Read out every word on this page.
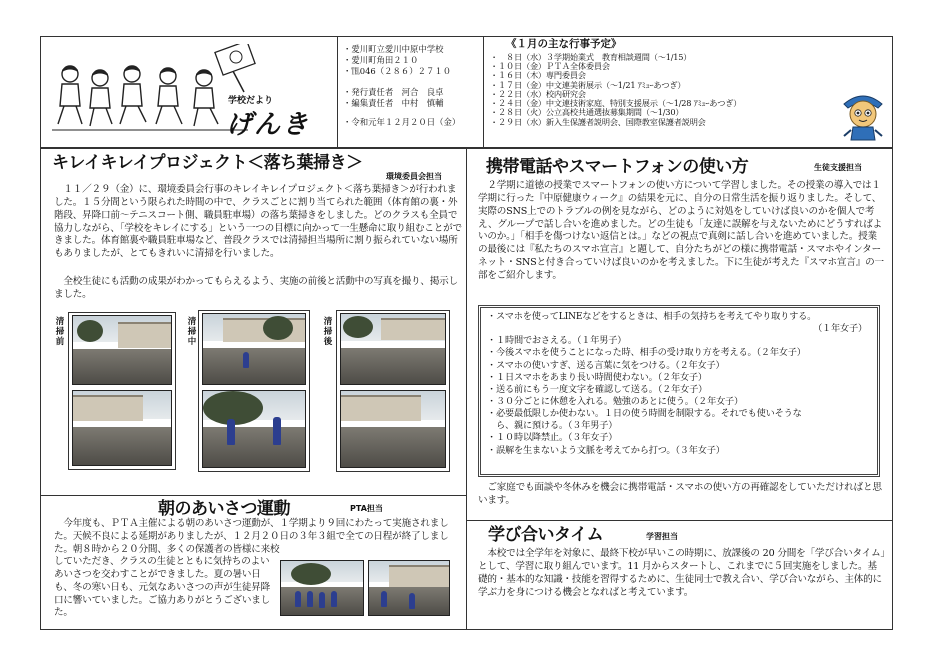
学校だより
げんき
・愛川町立愛川中原中学校
・愛川町角田２１０
・℡046（２８６）２７１０
・発行責任者　河合　良卓
・編集責任者　中村　慎輔
・令和元年１２月２０日（金）
《１月の主な行事予定》
・　８日（水）３学期始業式　教育相談週間（～1/15）
・１０日（金）ＰＴＡ全体委員会
・１６日（木）専門委員会
・１７日（金）中文連美術展示（～1/21 ｱﾐｭｰあつぎ）
・２２日（水）校内研究会
・２４日（金）中文連技術家庭、特別支援展示（～1/28 ｱﾐｭｰあつぎ）
・２８日（火）公立高校共通選抜募集期間（～1/30）
・２９日（水）新入生保護者説明会、国際教室保護者説明会
キレイキレイプロジェクト＜落ち葉掃き＞
環境委員会担当
　１１／２９（金）に、環境委員会行事のキレイキレイプロジェクト＜落ち葉掃き＞が行われました。１５分間という限られた時間の中で、クラスごとに割り当てられた範囲（体育館の裏・外階段、昇降口前～テニスコート側、職員駐車場）の落ち葉掃きをしました。どのクラスも全員で協力しながら、「学校をキレイにする」という一つの目標に向かって一生懸命に取り組むことができました。体育館裏や職員駐車場など、普段クラスでは清掃担当場所に割り振られていない場所もありましたが、とてもきれいに清掃を行いました。
　全校生徒にも活動の成果がわかってもらえるよう、実施の前後と活動中の写真を撮り、掲示しました。
清掃前
清掃中
清掃後
朝のあいさつ運動	PTA担当
　今年度も、ＰＴＡ主催による朝のあいさつ運動が、１学期より９回にわたって実施されました。天候不良による延期がありましたが、１２月２０日の３年３組で全ての日程が終了しました。朝８時から２０分間、多くの保護者の皆様に来校
していただき、クラスの生徒とともに気持ちのよいあいさつを交わすことができました。夏の暑い日も、冬の寒い日も、元気なあいさつの声が生徒昇降口に響いていました。ご協力ありがとうございました。
携帯電話やスマートフォンの使い方	生徒支援担当
　２学期に道徳の授業でスマートフォンの使い方について学習しました。その授業の導入では１学期に行った『中原健康ウィーク』の結果を元に、自分の日常生活を振り返りました。そして、実際のSNS上でのトラブルの例を見ながら、どのように対処をしていけば良いのかを個人で考え、グループで話し合いを進めました。どの生徒も「友達に誤解を与えないためにどうすればよいのか。」「相手を傷つけない返信とは。」などの視点で真剣に話し合いを進めていました。授業の最後には『私たちのスマホ宣言』と題して、自分たちがどの様に携帯電話・スマホやインターネット・SNSと付き合っていけば良いのかを考えました。下に生徒が考えた『スマホ宣言』の一部をご紹介します。
・スマホを使ってLINEなどをするときは、相手の気持ちを考えてやり取りする。
（１年女子）
・１時間でおさえる。（１年男子）
・今後スマホを使うことになった時、相手の受け取り方を考える。（２年女子）
・スマホの使いすぎ、送る言葉に気をつける。（２年女子）
・１日スマホをあまり長い時間使わない。（２年女子）
・送る前にもう一度文字を確認して送る。（２年女子）
・３０分ごとに休憩を入れる。勉強のあとに使う。（２年女子）
・必要最低限しか使わない。１日の使う時間を制限する。それでも使いそうな
　ら、親に預ける。（３年男子）
・１０時以降禁止。（３年女子）
・誤解を生まないよう文脈を考えてから打つ。（３年女子）
　ご家庭でも面談や冬休みを機会に携帯電話・スマホの使い方の再確認をしていただければと思います。
学び合いタイム	学習担当
　本校では全学年を対象に、最終下校が早いこの時期に、放課後の 20 分間を「学び合いタイム」として、学習に取り組んでいます。11 月からスタートし、これまでに５回実施をしました。基礎的・基本的な知識・技能を習得するために、生徒同士で教え合い、学び合いながら、主体的に学ぶ力を身につける機会となればと考えています。
